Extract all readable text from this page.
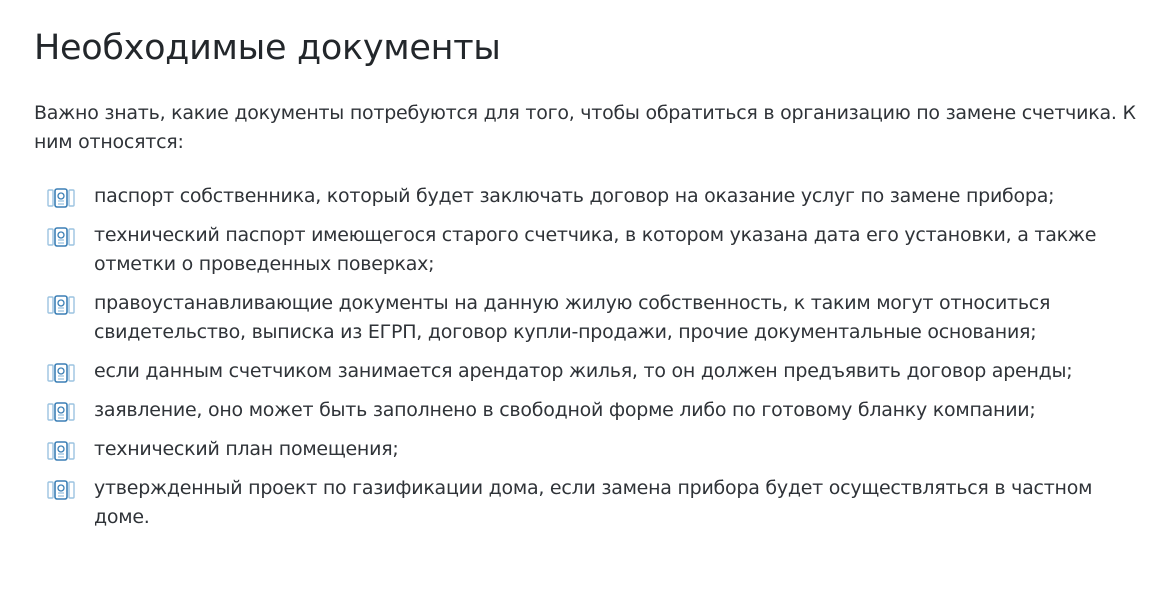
Необходимые документы

Важно знать, какие документы потребуются для того, чтобы обратиться в организацию по замене счетчика. К ним относятся:

паспорт собственника, который будет заключать договор на оказание услуг по замене прибора;
технический паспорт имеющегося старого счетчика, в котором указана дата его установки, а также отметки о проведенных поверках;
правоустанавливающие документы на данную жилую собственность, к таким могут относиться свидетельство, выписка из ЕГРП, договор купли-продажи, прочие документальные основания;
если данным счетчиком занимается арендатор жилья, то он должен предъявить договор аренды;
заявление, оно может быть заполнено в свободной форме либо по готовому бланку компании;
технический план помещения;
утвержденный проект по газификации дома, если замена прибора будет осуществляться в частном доме.
